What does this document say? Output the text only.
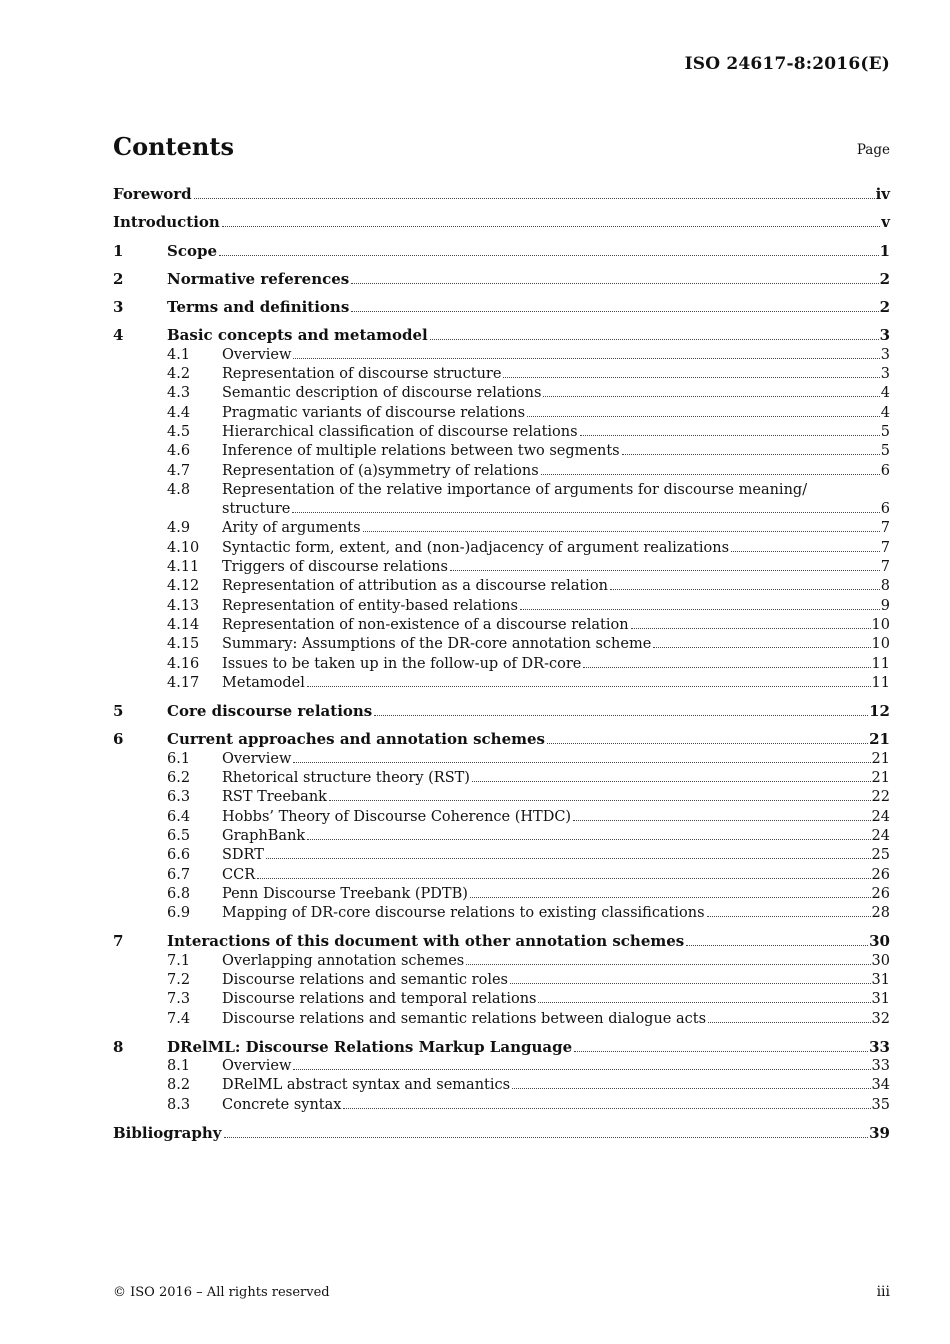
ISO 24617-8:2016(E)
Contents	Page
Foreword	iv
Introduction	v
1	Scope	1
2	Normative references	2
3	Terms and definitions	2
4	Basic concepts and metamodel	3
4.1 Overview	3
4.2 Representation of discourse structure	3
4.3 Semantic description of discourse relations	4
4.4 Pragmatic variants of discourse relations	4
4.5 Hierarchical classification of discourse relations	5
4.6 Inference of multiple relations between two segments	5
4.7 Representation of (a)symmetry of relations	6
4.8 Representation of the relative importance of arguments for discourse meaning/
structure	6
4.9 Arity of arguments	7
4.10 Syntactic form, extent, and (non-)adjacency of argument realizations	7
4.11 Triggers of discourse relations	7
4.12 Representation of attribution as a discourse relation	8
4.13 Representation of entity-based relations	9
4.14 Representation of non-existence of a discourse relation	10
4.15 Summary: Assumptions of the DR-core annotation scheme	10
4.16 Issues to be taken up in the follow-up of DR-core	11
4.17 Metamodel	11
5	Core discourse relations	12
6	Current approaches and annotation schemes	21
6.1 Overview	21
6.2 Rhetorical structure theory (RST)	21
6.3 RST Treebank	22
6.4 Hobbs’ Theory of Discourse Coherence (HTDC)	24
6.5 GraphBank	24
6.6 SDRT	25
6.7 CCR	26
6.8 Penn Discourse Treebank (PDTB)	26
6.9 Mapping of DR-core discourse relations to existing classifications	28
7	Interactions of this document with other annotation schemes	30
7.1 Overlapping annotation schemes	30
7.2 Discourse relations and semantic roles	31
7.3 Discourse relations and temporal relations	31
7.4 Discourse relations and semantic relations between dialogue acts	32
8	DRelML: Discourse Relations Markup Language	33
8.1 Overview	33
8.2 DRelML abstract syntax and semantics	34
8.3 Concrete syntax	35
Bibliography	39
© ISO 2016 – All rights reserved	iii
